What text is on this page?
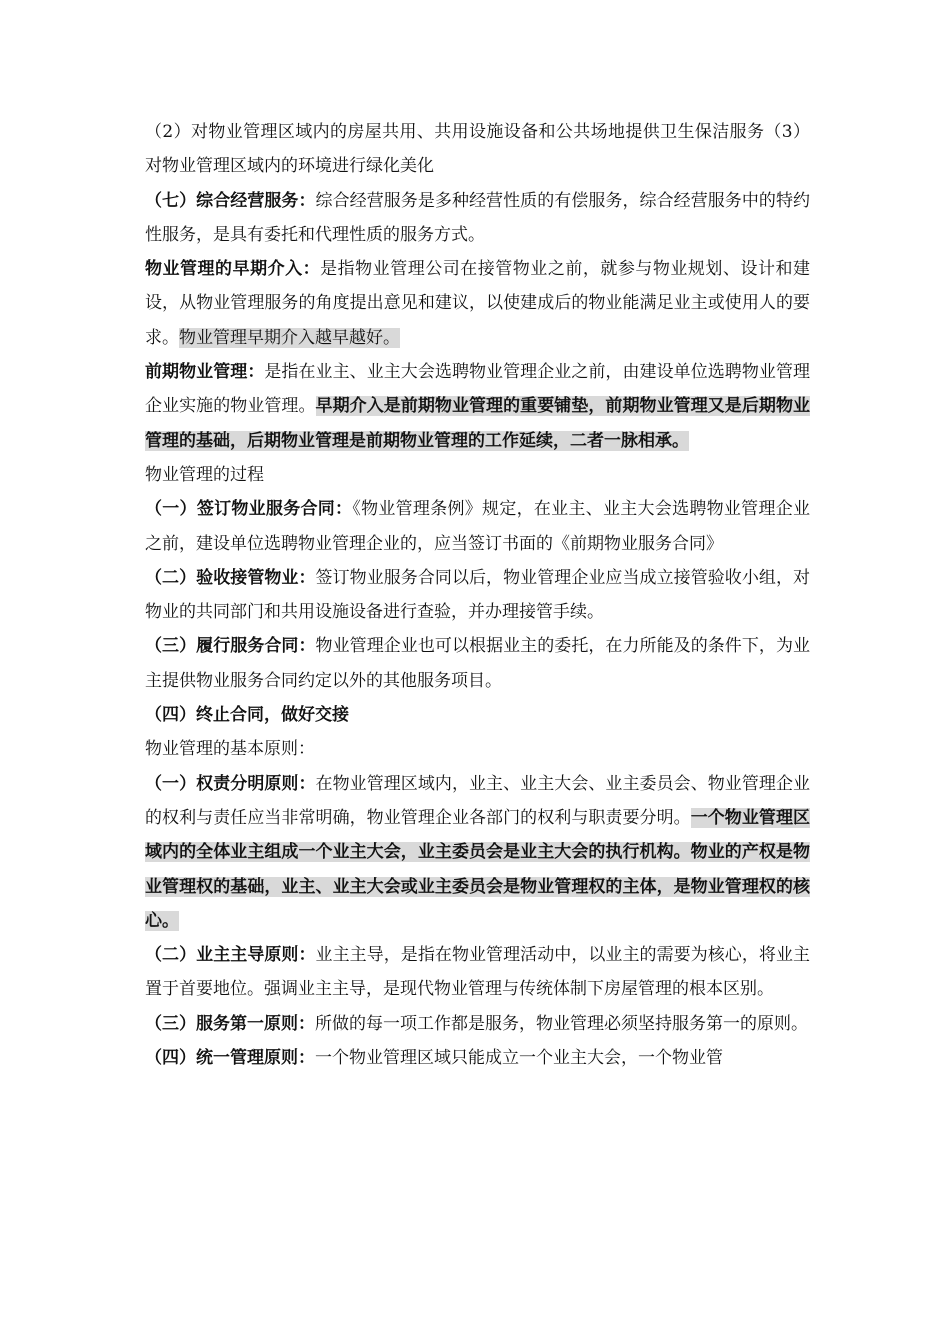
（2）对物业管理区域内的房屋共用、共用设施设备和公共场地提供卫生保洁服务（3）对物业管理区域内的环境进行绿化美化

（七）综合经营服务：综合经营服务是多种经营性质的有偿服务，综合经营服务中的特约性服务，是具有委托和代理性质的服务方式。

物业管理的早期介入：是指物业管理公司在接管物业之前，就参与物业规划、设计和建设，从物业管理服务的角度提出意见和建议，以使建成后的物业能满足业主或使用人的要求。物业管理早期介入越早越好。

前期物业管理：是指在业主、业主大会选聘物业管理企业之前，由建设单位选聘物业管理企业实施的物业管理。早期介入是前期物业管理的重要铺垫，前期物业管理又是后期物业管理的基础，后期物业管理是前期物业管理的工作延续，二者一脉相承。

物业管理的过程

（一）签订物业服务合同：《物业管理条例》规定，在业主、业主大会选聘物业管理企业之前，建设单位选聘物业管理企业的，应当签订书面的《前期物业服务合同》

（二）验收接管物业：签订物业服务合同以后，物业管理企业应当成立接管验收小组，对物业的共同部门和共用设施设备进行查验，并办理接管手续。

（三）履行服务合同：物业管理企业也可以根据业主的委托，在力所能及的条件下，为业主提供物业服务合同约定以外的其他服务项目。

（四）终止合同，做好交接

物业管理的基本原则：

（一）权责分明原则：在物业管理区域内，业主、业主大会、业主委员会、物业管理企业的权利与责任应当非常明确，物业管理企业各部门的权利与职责要分明。一个物业管理区域内的全体业主组成一个业主大会，业主委员会是业主大会的执行机构。物业的产权是物业管理权的基础，业主、业主大会或业主委员会是物业管理权的主体，是物业管理权的核心。

（二）业主主导原则：业主主导，是指在物业管理活动中，以业主的需要为核心，将业主置于首要地位。强调业主主导，是现代物业管理与传统体制下房屋管理的根本区别。

（三）服务第一原则：所做的每一项工作都是服务，物业管理必须坚持服务第一的原则。

（四）统一管理原则：一个物业管理区域只能成立一个业主大会，一个物业管
